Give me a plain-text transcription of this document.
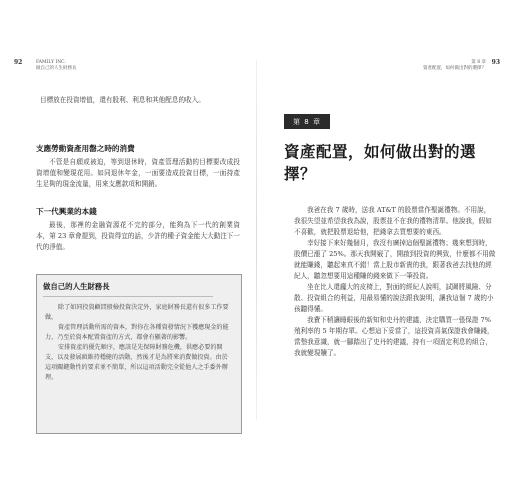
92	FAMILY INC.
做自己的人生財務長

目標放在投資增值，還有股利、利息和其他配息的收入。

支應勞動資產用罄之時的消費

不管是自願或被迫，等到退休時，資產管理活動的目標要改成投資增值和變現花用。如同退休年金，一面要造成投資目標，一面持產生足夠的現金流量，用來支應款項和開銷。

下一代興業的本錢

最後，那裡的金融資源花不完的部分，能夠為下一代的創業資本，第 23 章會提到，投資得宜的話，少許的種子資金能大大動注下一代的淨值。

做自己的人生財務長

除了如同投資顧問般檢投資決定外，家庭財務長還有很多工作要做。

資產管理活動所需的資本，對你在各種資發情況下獲應現金的能力，乃至於資本配置資產的方式，都會有顯著的影響。

安排資產的優先順序，應該是先保障財務危機，供應必要的開支，以及發展頭維持穩健的活動，然後才是為將來消費做投資。由於這項關鍵動性的要求並不簡單，所以這項活動完全從他人之手委外辦理。

第 8 章
資產配置，如何做出對的選擇？
93
第 8 章
資產配置，如何做出對的選擇？

我爸在我 7 歲時，送我 AT&T 的股票當作聖誕禮物。不用說，我很失望並希望我我為說，股票並不在我的禮物清單。他說我，假如不喜歡，就把股票退給他，把錢拿去買想要的東西。

幸好接下來好幾個月，我沒有廣掉這個聖誕禮物；幾來想到時，股價已漲了 25%。那天我開竅了，開啟到投資的興致，什麼都不用做就能賺錢，聽起來真不錯！當上股市新貴的我，跟著我爸去找他的經紀人，聽忽想要用這種賺的錢來做下一筆投資。

坐在比人還龐大的皮椅上，對面的經紀人說明，試圖將風險、分散、投資組合的利益，用最易懂的說法跟我說明，讓我這個 7 歲的小孩聽得懂。

我費下稍讓睡眼後的新知和史丹的建議，決定購買一張保證 7% 殖利率的 5 年期存單。心想這下妥當了，這投資喜氣保證我會賺錢，當墊我意識，就一腳踏出了史丹的建議，持有一項固定利息的組合，我就變現贖了。
